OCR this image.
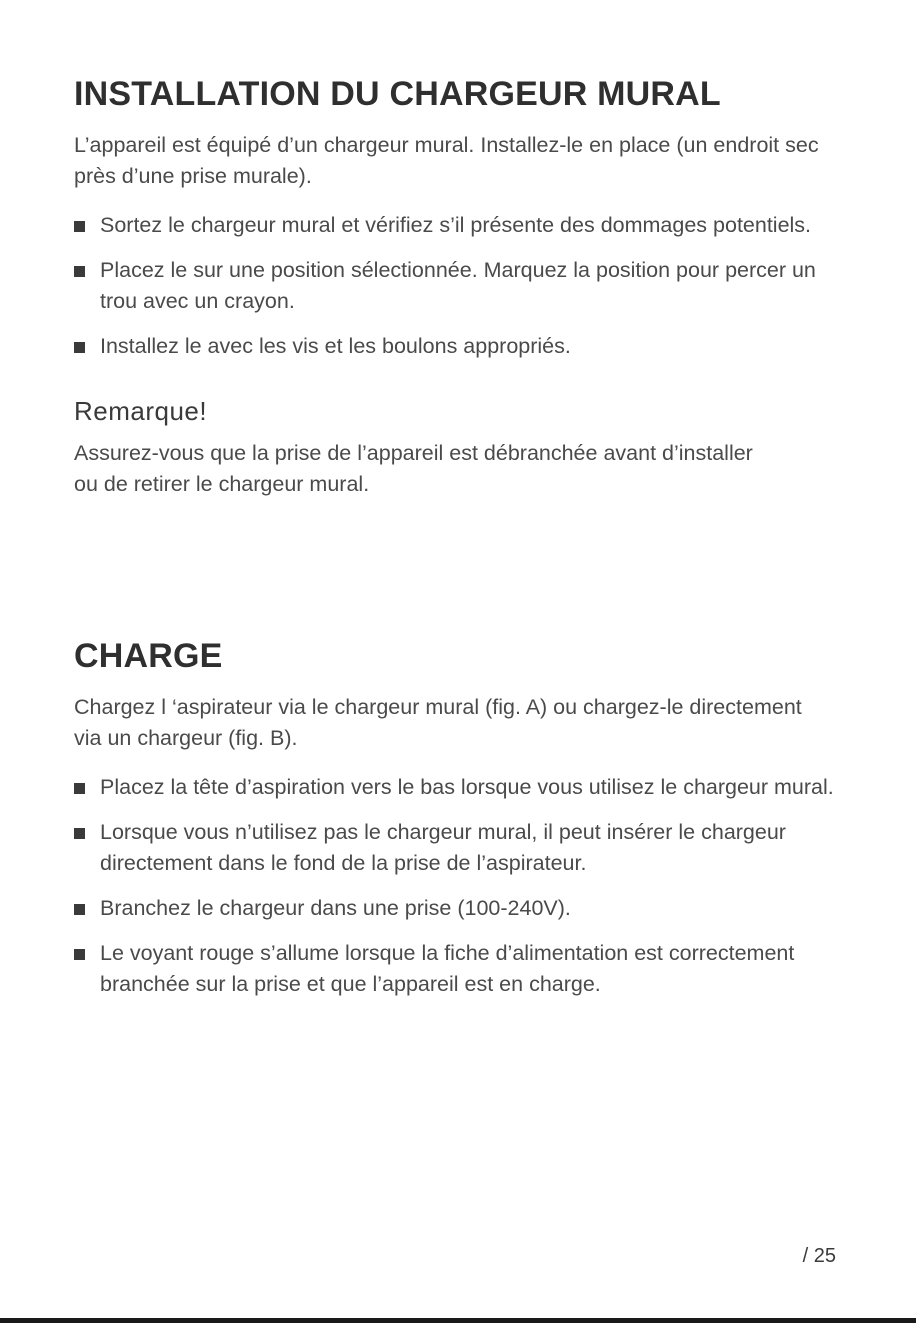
INSTALLATION DU CHARGEUR MURAL

L’appareil est équipé d’un chargeur mural. Installez-le en place (un endroit sec près d’une prise murale).

Sortez le chargeur mural et vérifiez s’il présente des dommages potentiels.
Placez le sur une position sélectionnée. Marquez la position pour percer un trou avec un crayon.
Installez le avec les vis et les boulons appropriés.
Remarque!

Assurez-vous que la prise de l’appareil est débranchée avant d’installer ou de retirer le chargeur mural.

CHARGE

Chargez l ‘aspirateur via le chargeur mural (fig. A) ou chargez-le directement via un chargeur (fig. B).

Placez la tête d’aspiration vers le bas lorsque vous utilisez le chargeur mural.
Lorsque vous n’utilisez pas le chargeur mural, il peut insérer le chargeur directement dans le fond de la prise de l’aspirateur.
Branchez le chargeur dans une prise (100-240V).
Le voyant rouge s’allume lorsque la fiche d’alimentation est correctement branchée sur la prise et que l’appareil est en charge.
/ 25
